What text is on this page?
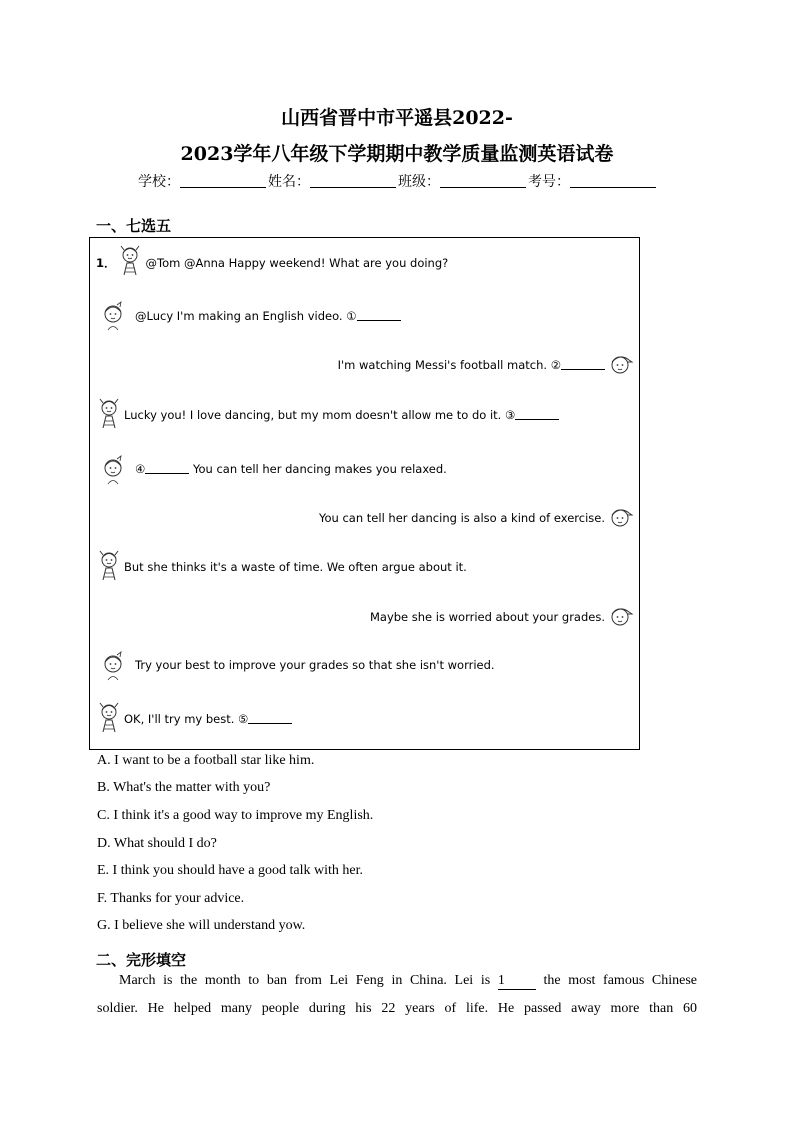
山西省晋中市平遥县2022-
2023学年八年级下学期期中教学质量监测英语试卷
学校：	姓名：	班级：	考号：
一、七选五
1．	@Tom @Anna Happy weekend! What are you doing?
@Lucy I'm making an English video. ①
I'm watching Messi's football match. ②
Lucky you! I love dancing, but my mom doesn't allow me to do it. ③
④	You can tell her dancing makes you relaxed.
You can tell her dancing is also a kind of exercise.
But she thinks it's a waste of time. We often argue about it.
Maybe she is worried about your grades.
Try your best to improve your grades so that she isn't worried.
OK, I'll try my best. ⑤
A. I want to be a football star like him.
B. What's the matter with you?
C. I think it's a good way to improve my English.
D. What should I do?
E. I think you should have a good talk with her.
F. Thanks for your advice.
G. I believe she will understand yow.
二、完形填空
March is the month to ban from Lei Feng in China. Lei is 1	the most famous Chinese
soldier. He helped many people during his 22 years of life. He passed away more than 60
